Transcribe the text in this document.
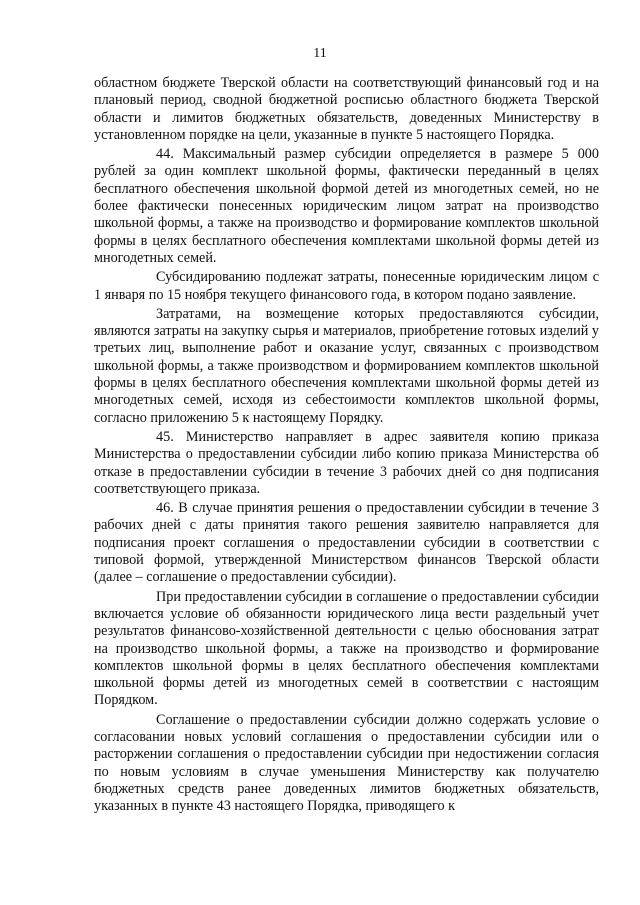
11

областном бюджете Тверской области на соответствующий финансовый год и на плановый период, сводной бюджетной росписью областного бюджета Тверской области и лимитов бюджетных обязательств, доведенных Министерству в установленном порядке на цели, указанные в пункте 5 настоящего Порядка.

44. Максимальный размер субсидии определяется в размере 5 000 рублей за один комплект школьной формы, фактически переданный в целях бесплатного обеспечения школьной формой детей из многодетных семей, но не более фактически понесенных юридическим лицом затрат на производство школьной формы, а также на производство и формирование комплектов школьной формы в целях бесплатного обеспечения комплектами школьной формы детей из многодетных семей.

Субсидированию подлежат затраты, понесенные юридическим лицом с 1 января по 15 ноября текущего финансового года, в котором подано заявление.

Затратами, на возмещение которых предоставляются субсидии, являются затраты на закупку сырья и материалов, приобретение готовых изделий у третьих лиц, выполнение работ и оказание услуг, связанных с производством школьной формы, а также производством и формированием комплектов школьной формы в целях бесплатного обеспечения комплектами школьной формы детей из многодетных семей, исходя из себестоимости комплектов школьной формы, согласно приложению 5 к настоящему Порядку.

45. Министерство направляет в адрес заявителя копию приказа Министерства о предоставлении субсидии либо копию приказа Министерства об отказе в предоставлении субсидии в течение 3 рабочих дней со дня подписания соответствующего приказа.

46. В случае принятия решения о предоставлении субсидии в течение 3 рабочих дней с даты принятия такого решения заявителю направляется для подписания проект соглашения о предоставлении субсидии в соответствии с типовой формой, утвержденной Министерством финансов Тверской области (далее – соглашение о предоставлении субсидии).

При предоставлении субсидии в соглашение о предоставлении субсидии включается условие об обязанности юридического лица вести раздельный учет результатов финансово-хозяйственной деятельности с целью обоснования затрат на производство школьной формы, а также на производство и формирование комплектов школьной формы в целях бесплатного обеспечения комплектами школьной формы детей из многодетных семей в соответствии с настоящим Порядком.

Соглашение о предоставлении субсидии должно содержать условие о согласовании новых условий соглашения о предоставлении субсидии или о расторжении соглашения о предоставлении субсидии при недостижении согласия по новым условиям в случае уменьшения Министерству как получателю бюджетных средств ранее доведенных лимитов бюджетных обязательств, указанных в пункте 43 настоящего Порядка, приводящего к
